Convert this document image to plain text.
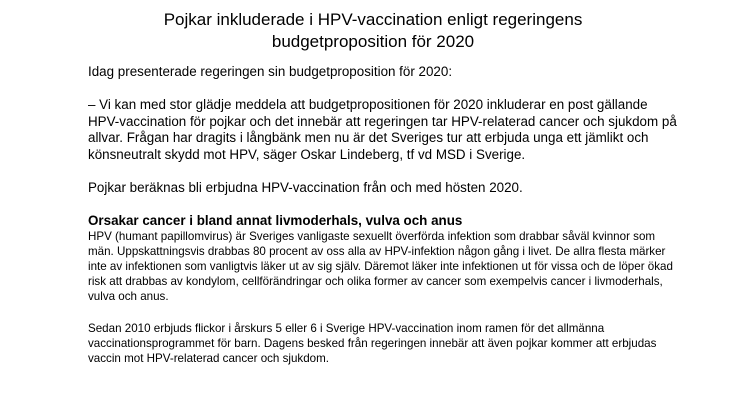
Pojkar inkluderade i HPV-vaccination enligt regeringens
budgetproposition för 2020

Idag presenterade regeringen sin budgetproposition för 2020:

– Vi kan med stor glädje meddela att budgetpropositionen för 2020 inkluderar en post gällande HPV-vaccination för pojkar och det innebär att regeringen tar HPV-relaterad cancer och sjukdom på allvar. Frågan har dragits i långbänk men nu är det Sveriges tur att erbjuda unga ett jämlikt och könsneutralt skydd mot HPV, säger Oskar Lindeberg, tf vd MSD i Sverige.

Pojkar beräknas bli erbjudna HPV-vaccination från och med hösten 2020.

Orsakar cancer i bland annat livmoderhals, vulva och anus

HPV (humant papillomvirus) är Sveriges vanligaste sexuellt överförda infektion som drabbar såväl kvinnor som män. Uppskattningsvis drabbas 80 procent av oss alla av HPV-infektion någon gång i livet. De allra flesta märker inte av infektionen som vanligtvis läker ut av sig själv. Däremot läker inte infektionen ut för vissa och de löper ökad risk att drabbas av kondylom, cellförändringar och olika former av cancer som exempelvis cancer i livmoderhals, vulva och anus.

Sedan 2010 erbjuds flickor i årskurs 5 eller 6 i Sverige HPV-vaccination inom ramen för det allmänna vaccinationsprogrammet för barn. Dagens besked från regeringen innebär att även pojkar kommer att erbjudas vaccin mot HPV-relaterad cancer och sjukdom.
